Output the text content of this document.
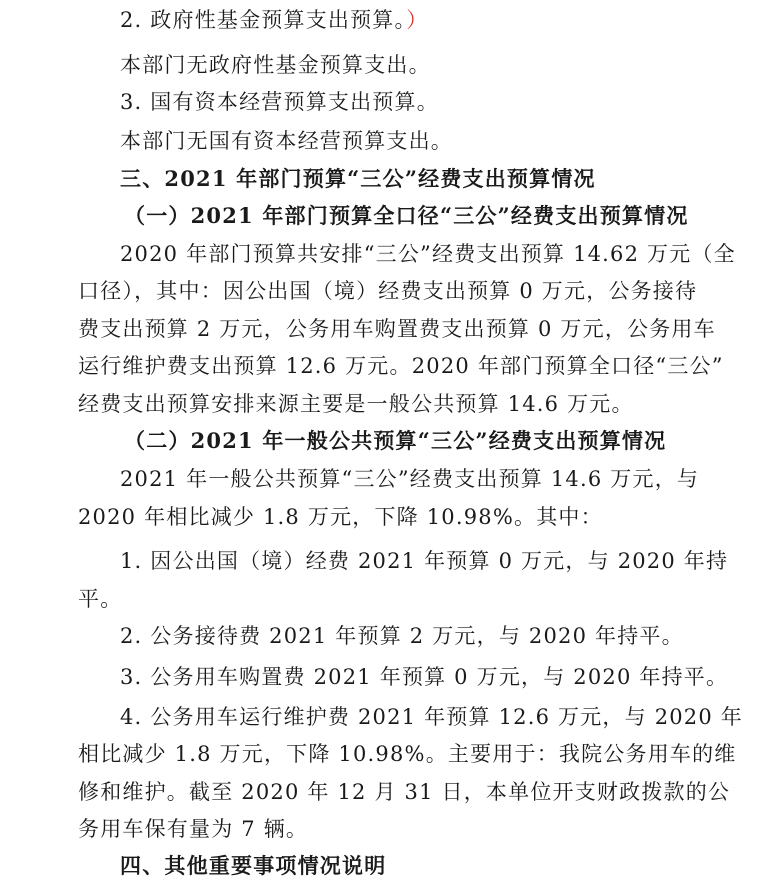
2. 政府性基金预算支出预算。）
本部门无政府性基金预算支出。
3. 国有资本经营预算支出预算。
本部门无国有资本经营预算支出。
三、2021 年部门预算“三公”经费支出预算情况
（一）2021 年部门预算全口径“三公”经费支出预算情况
2020 年部门预算共安排“三公”经费支出预算 14.62 万元（全
口径），其中：因公出国（境）经费支出预算 0 万元，公务接待
费支出预算 2 万元，公务用车购置费支出预算 0 万元，公务用车
运行维护费支出预算 12.6 万元。2020 年部门预算全口径“三公”
经费支出预算安排来源主要是一般公共预算 14.6 万元。
（二）2021 年一般公共预算“三公”经费支出预算情况
2021 年一般公共预算“三公”经费支出预算 14.6 万元，与
2020 年相比减少 1.8 万元，下降 10.98%。其中：
1. 因公出国（境）经费 2021 年预算 0 万元，与 2020 年持
平。
2. 公务接待费 2021 年预算 2 万元，与 2020 年持平。
3. 公务用车购置费 2021 年预算 0 万元，与 2020 年持平。
4. 公务用车运行维护费 2021 年预算 12.6 万元，与 2020 年
相比减少 1.8 万元，下降 10.98%。主要用于：我院公务用车的维
修和维护。截至 2020 年 12 月 31 日，本单位开支财政拨款的公
务用车保有量为 7 辆。
四、其他重要事项情况说明
